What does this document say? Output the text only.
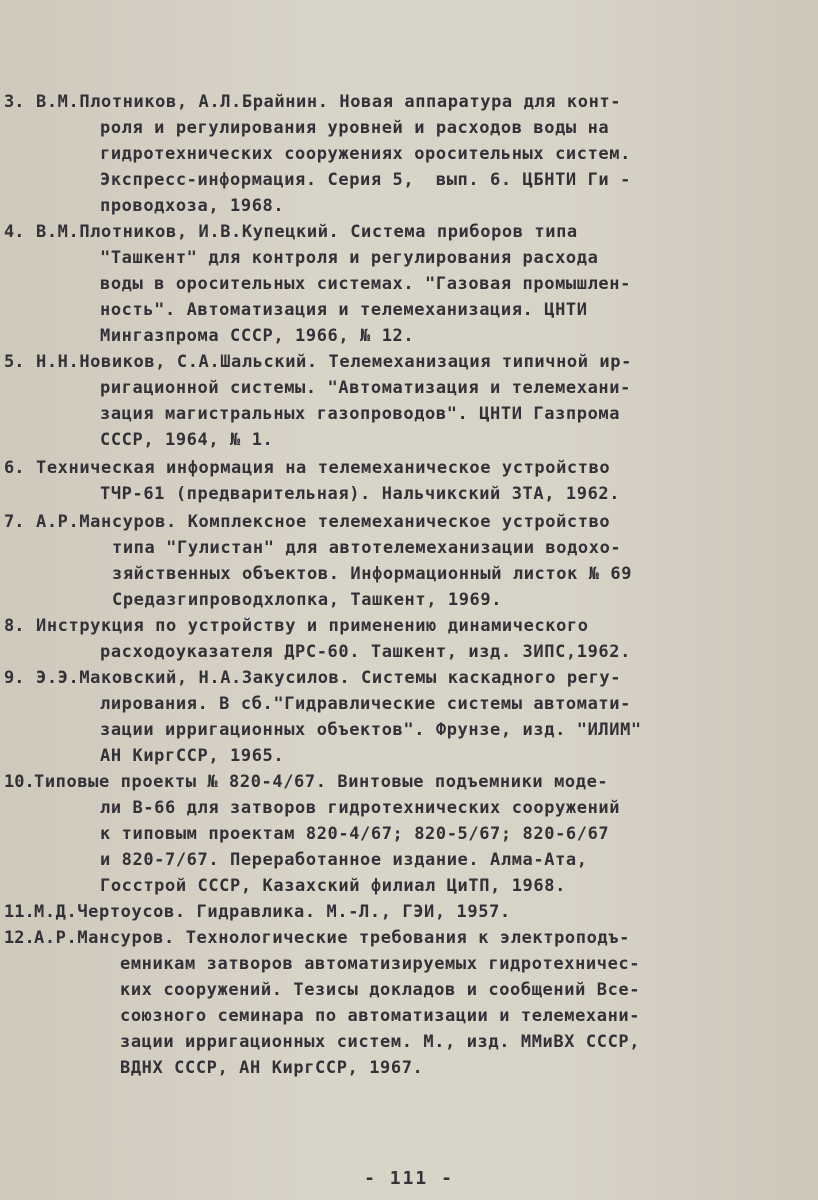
3. В.М.Плотников, А.Л.Брайнин. Новая аппаратура для конт-
роля и регулирования уровней и расходов воды на
гидротехнических сооружениях оросительных систем.
Экспресс-информация. Серия 5,  вып. 6. ЦБНТИ Ги -
проводхоза, 1968.
4. В.М.Плотников, И.В.Купецкий. Система приборов типа
"Ташкент" для контроля и регулирования расхода
воды в оросительных системах. "Газовая промышлен-
ность". Автоматизация и телемеханизация. ЦНТИ
Мингазпрома СССР, 1966, № 12.
5. Н.Н.Новиков, С.А.Шальский. Телемеханизация типичной ир-
ригационной системы. "Автоматизация и телемехани-
зация магистральных газопроводов". ЦНТИ Газпрома
СССР, 1964, № 1.
6. Техническая информация на телемеханическое устройство
ТЧР-61 (предварительная). Нальчикский ЗТА, 1962.
7. А.Р.Мансуров. Комплексное телемеханическое устройство
типа "Гулистан" для автотелемеханизации водохо-
зяйственных объектов. Информационный листок № 69
Средазгипроводхлопка, Ташкент, 1969.
8. Инструкция по устройству и применению динамического
расходоуказателя ДРС-60. Ташкент, изд. ЗИПС,1962.
9. Э.Э.Маковский, Н.А.Закусилов. Системы каскадного регу-
лирования. В сб."Гидравлические системы автомати-
зации ирригационных объектов". Фрунзе, изд. "ИЛИМ"
АН КиргССР, 1965.
10. Типовые проекты № 820-4/67. Винтовые подъемники моде-
ли В-66 для затворов гидротехнических сооружений
к типовым проектам 820-4/67; 820-5/67; 820-6/67
и 820-7/67. Переработанное издание. Алма-Ата,
Госстрой СССР, Казахский филиал ЦиТП, 1968.
11. М.Д.Чертоусов. Гидравлика. М.-Л., ГЭИ, 1957.
12. А.Р.Мансуров. Технологические требования к электроподъ-
емникам затворов автоматизируемых гидротехничес-
ких сооружений. Тезисы докладов и сообщений Все-
союзного семинара по автоматизации и телемехани-
зации ирригационных систем. М., изд. ММиВХ СССР,
ВДНХ СССР, АН КиргССР, 1967.
- 111 -
